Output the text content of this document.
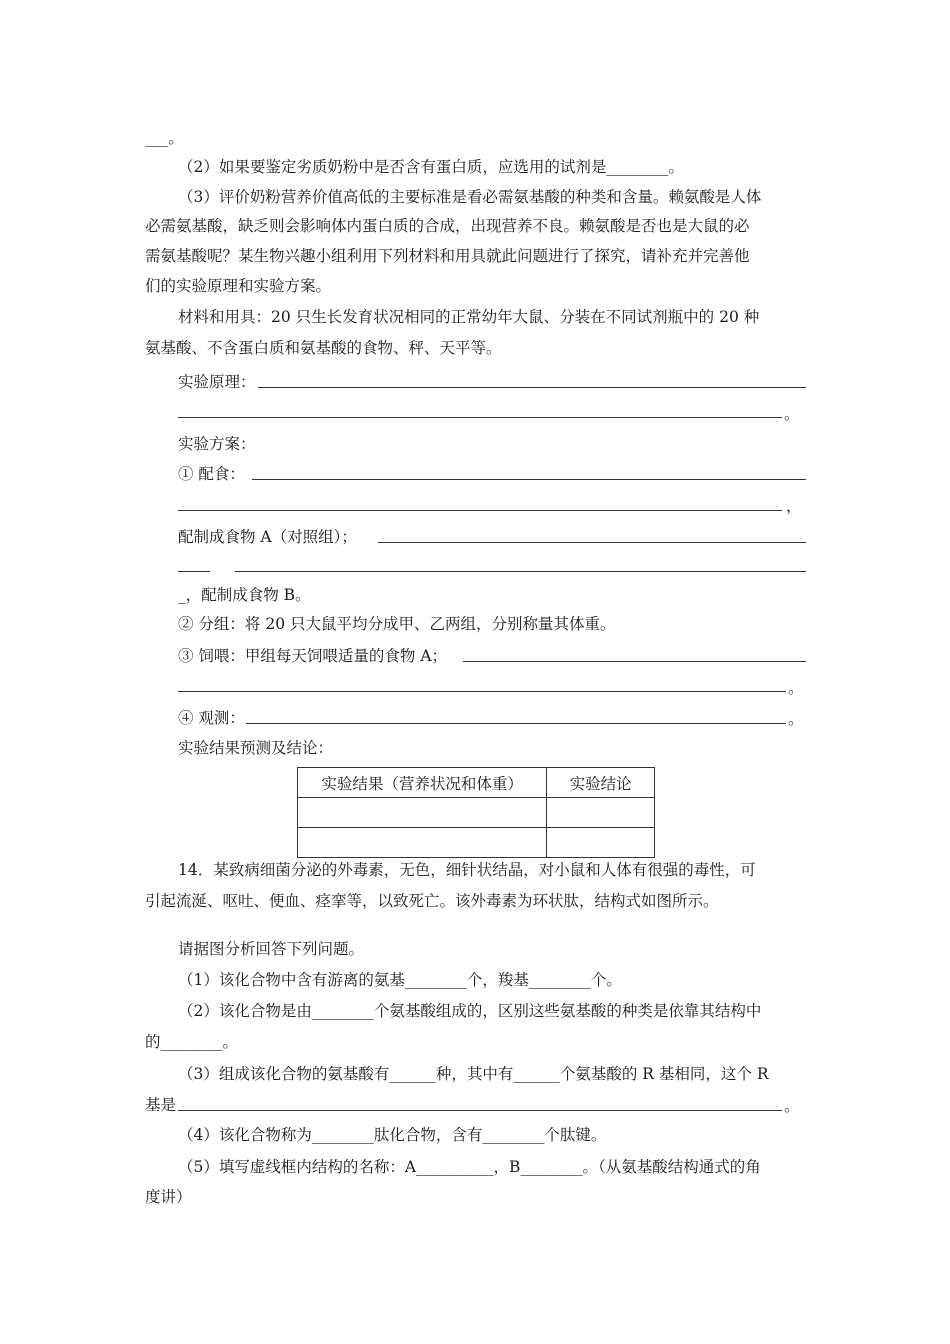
___。
（2）如果要鉴定劣质奶粉中是否含有蛋白质，应选用的试剂是________。
（3）评价奶粉营养价值高低的主要标准是看必需氨基酸的种类和含量。赖氨酸是人体
必需氨基酸，缺乏则会影响体内蛋白质的合成，出现营养不良。赖氨酸是否也是大鼠的必
需氨基酸呢？某生物兴趣小组利用下列材料和用具就此问题进行了探究，请补充并完善他
们的实验原理和实验方案。
材料和用具：20 只生长发育状况相同的正常幼年大鼠、分装在不同试剂瓶中的 20 种
氨基酸、不含蛋白质和氨基酸的食物、秤、天平等。
实验原理：
。
实验方案：
① 配食：
，
配制成食物 A（对照组）；
_，配制成食物 B。
② 分组：将 20 只大鼠平均分成甲、乙两组，分别称量其体重。
③ 饲喂：甲组每天饲喂适量的食物 A；
。
④ 观测：	。
实验结果预测及结论：
实验结果（营养状况和体重）	实验结论

14．某致病细菌分泌的外毒素，无色，细针状结晶，对小鼠和人体有很强的毒性，可
引起流涎、呕吐、便血、痉挛等，以致死亡。该外毒素为环状肽，结构式如图所示。
请据图分析回答下列问题。
（1）该化合物中含有游离的氨基________个，羧基________个。
（2）该化合物是由________个氨基酸组成的，区别这些氨基酸的种类是依靠其结构中
的________。
（3）组成该化合物的氨基酸有______种，其中有______个氨基酸的 R 基相同，这个 R
基是	。
（4）该化合物称为________肽化合物，含有________个肽键。
（5）填写虚线框内结构的名称：A__________，B________。（从氨基酸结构通式的角
度讲）
